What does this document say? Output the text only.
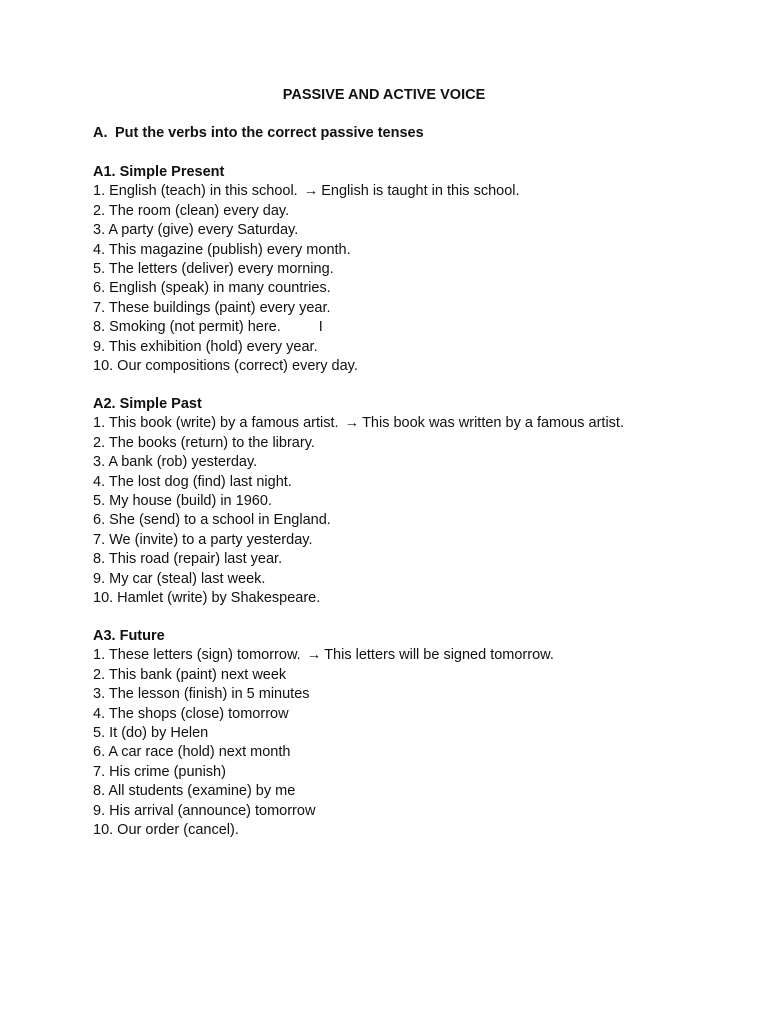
PASSIVE AND ACTIVE VOICE
A. Put the verbs into the correct passive tenses
A1. Simple Present
1. English (teach) in this school. → English is taught in this school.
2. The room (clean) every day.
3. A party (give) every Saturday.
4. This magazine (publish) every month.
5. The letters (deliver) every morning.
6. English (speak) in many countries.
7. These buildings (paint) every year.
8. Smoking (not permit) here.	I
9. This exhibition (hold) every year.
10. Our compositions (correct) every day.
A2. Simple Past
1. This book (write) by a famous artist. → This book was written by a famous artist.
2. The books (return) to the library.
3. A bank (rob) yesterday.
4. The lost dog (find) last night.
5. My house (build) in 1960.
6. She (send) to a school in England.
7. We (invite) to a party yesterday.
8. This road (repair) last year.
9. My car (steal) last week.
10. Hamlet (write) by Shakespeare.
A3. Future
1. These letters (sign) tomorrow. → This letters will be signed tomorrow.
2. This bank (paint) next week
3. The lesson (finish) in 5 minutes
4. The shops (close) tomorrow
5. It (do) by Helen
6. A car race (hold) next month
7. His crime (punish)
8. All students (examine) by me
9. His arrival (announce) tomorrow
10. Our order (cancel).
